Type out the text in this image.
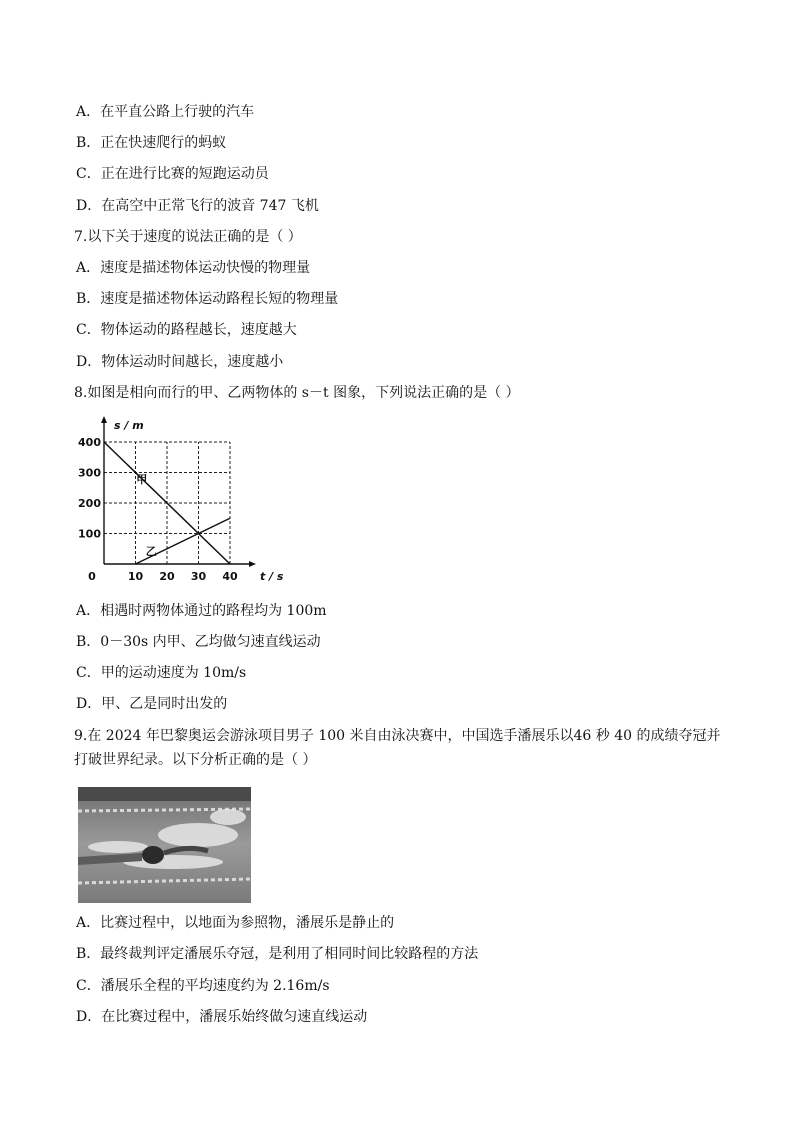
A．在平直公路上行驶的汽车
B．正在快速爬行的蚂蚁
C．正在进行比赛的短跑运动员
D．在高空中正常飞行的波音 747 飞机
7.以下关于速度的说法正确的是（ ）
A．速度是描述物体运动快慢的物理量
B．速度是描述物体运动路程长短的物理量
C．物体运动的路程越长，速度越大
D．物体运动时间越长，速度越小
8.如图是相向而行的甲、乙两物体的 s－t 图象，下列说法正确的是（ ）
10 20 30 40
100
200
300
400
0	t / s
s / m
甲
乙
A．相遇时两物体通过的路程均为 100m
B．0－30s 内甲、乙均做匀速直线运动
C．甲的运动速度为 10m/s
D．甲、乙是同时出发的
9.在 2024 年巴黎奥运会游泳项目男子 100 米自由泳决赛中，中国选手潘展乐以46 秒 40 的成绩夺冠并打破世界纪录。以下分析正确的是（ ）
A．比赛过程中，以地面为参照物，潘展乐是静止的
B．最终裁判评定潘展乐夺冠，是利用了相同时间比较路程的方法
C．潘展乐全程的平均速度约为 2.16m/s
D．在比赛过程中，潘展乐始终做匀速直线运动
